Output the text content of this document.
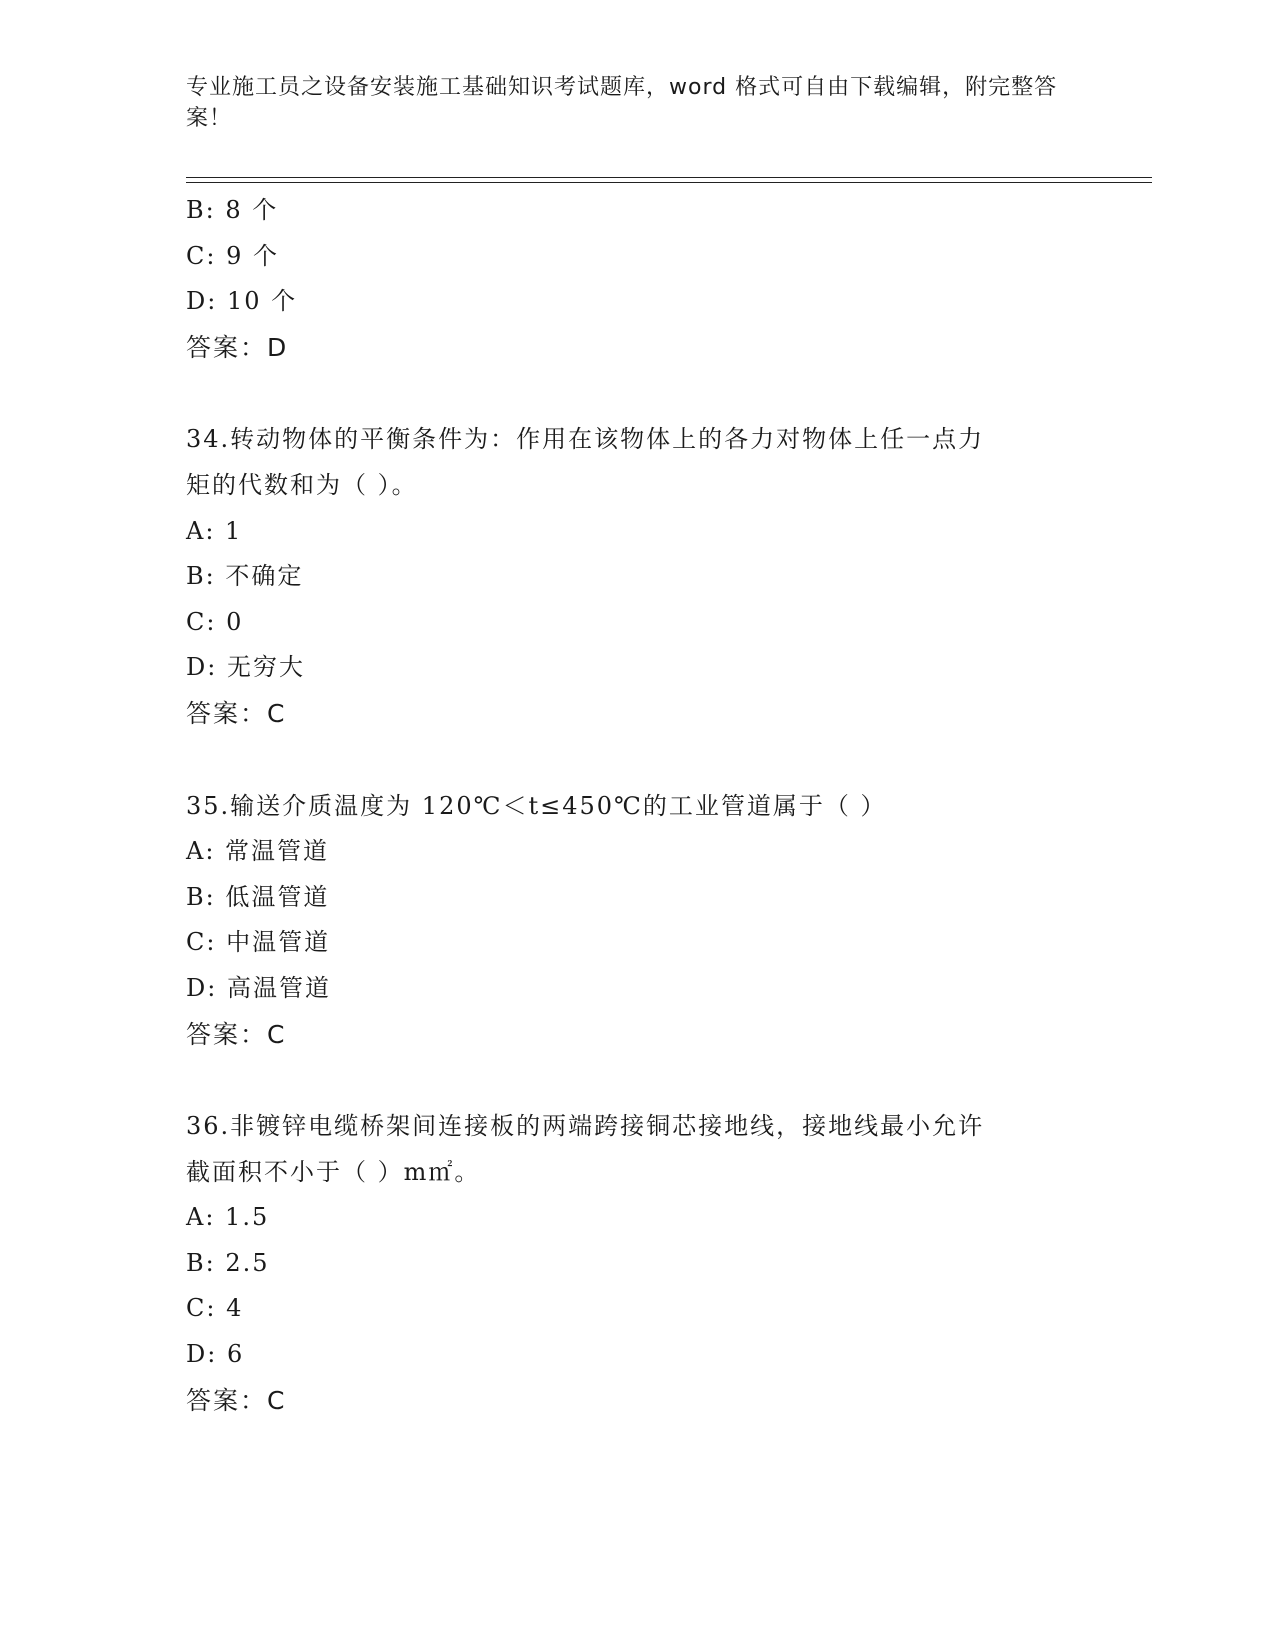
专业施工员之设备安装施工基础知识考试题库，word 格式可自由下载编辑，附完整答案！
B: 8 个
C: 9 个
D: 10 个
答案：D
34.转动物体的平衡条件为：作用在该物体上的各力对物体上任一点力
矩的代数和为（ ）。
A: 1
B: 不确定
C: 0
D: 无穷大
答案：C
35.输送介质温度为 120℃＜t≤450℃的工业管道属于（ ）
A: 常温管道
B: 低温管道
C: 中温管道
D: 高温管道
答案：C
36.非镀锌电缆桥架间连接板的两端跨接铜芯接地线，接地线最小允许
截面积不小于（ ）m㎡。
A: 1.5
B: 2.5
C: 4
D: 6
答案：C
